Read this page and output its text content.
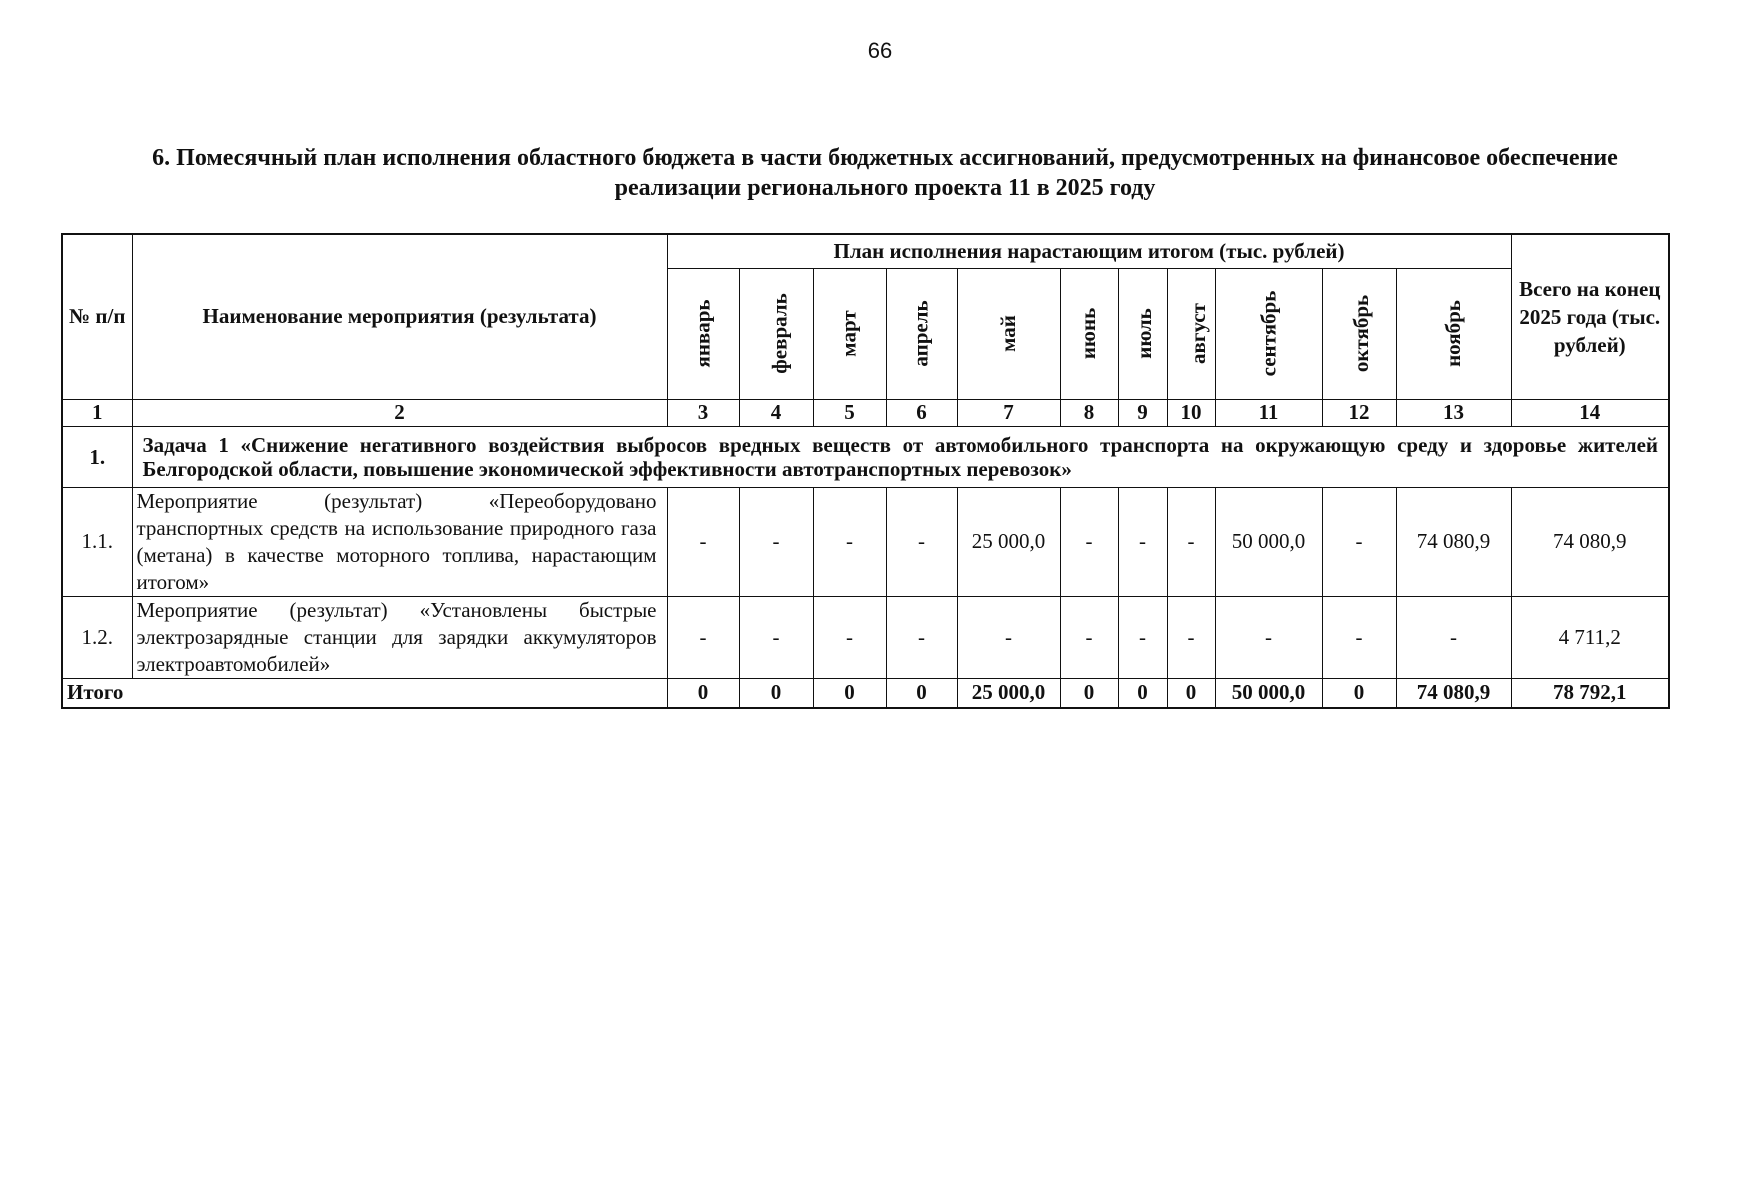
66
6. Помесячный план исполнения областного бюджета в части бюджетных ассигнований, предусмотренных на финансовое обеспечение реализации регионального проекта 11 в 2025 году
№ п/п	Наименование мероприятия (результата)	План исполнения нарастающим итогом (тыс. рублей)											Всего на конец 2025 года (тыс. рублей)
		январь	февраль	март	апрель	май	июнь	июль	август	сентябрь	октябрь	ноябрь	
1	2	3	4	5	6	7	8	9	10	11	12	13	14
1.	Задача 1 «Снижение негативного воздействия выбросов вредных веществ от автомобильного транспорта на окружающую среду и здоровье жителей Белгородской области, повышение экономической эффективности автотранспортных перевозок»												
1.1.	Мероприятие (результат) «Переоборудовано транспортных средств на использование природного газа (метана) в качестве моторного топлива, нарастающим итогом»	-	-	-	-	25 000,0	-	-	-	50 000,0	-	74 080,9	74 080,9
1.2.	Мероприятие (результат) «Установлены быстрые электрозарядные станции для зарядки аккумуляторов электроавтомобилей»	-	-	-	-	-	-	-	-	-	-	-	4 711,2
Итого		0	0	0	0	25 000,0	0	0	0	50 000,0	0	74 080,9	78 792,1
